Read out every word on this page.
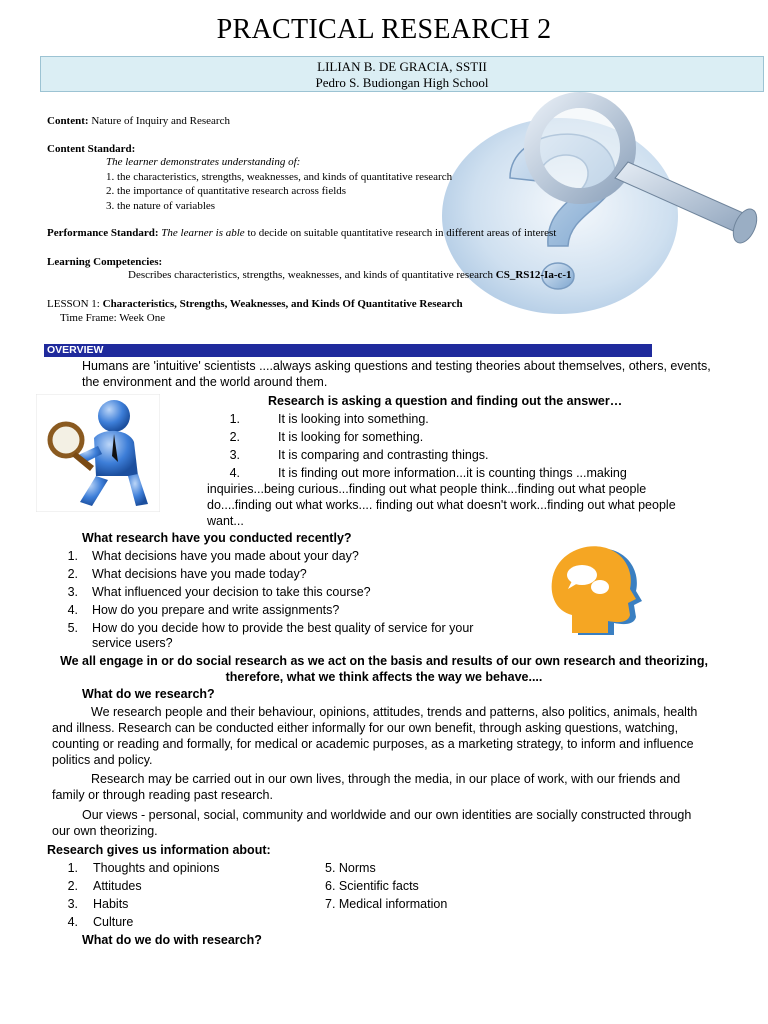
PRACTICAL RESEARCH 2
LILIAN B. DE GRACIA, SSTII
Pedro S. Budiongan High School
Content: Nature of Inquiry and Research
Content Standard:
The learner demonstrates understanding of:
1. the characteristics, strengths, weaknesses, and kinds of quantitative research
2. the importance of quantitative research across fields
3. the nature of variables
Performance Standard: The learner is able to decide on suitable quantitative research in different areas of interest
Learning Competencies:
Describes characteristics, strengths, weaknesses, and kinds of quantitative research CS_RS12-Ia-c-1
LESSON 1: Characteristics, Strengths, Weaknesses, and Kinds Of Quantitative Research
Time Frame: Week One
OVERVIEW
Humans are 'intuitive' scientists ....always asking questions and testing theories about themselves, others, events,
the environment and the world around them.
Research is asking a question and finding out the answer…
1.	It is looking into something.
2.	It is looking for something.
3.	It is comparing and contrasting things.
4.	It is finding out more information...it is counting things ...making
inquiries...being curious...finding out what people think...finding out what people
do....finding out what works.... finding out what doesn't work...finding out what people
want...
What research have you conducted recently?
1. What decisions have you made about your day?
2. What decisions have you made today?
3. What influenced your decision to take this course?
4. How do you prepare and write assignments?
5. How do you decide how to provide the best quality of service for your
service users?
We all engage in or do social research as we act on the basis and results of our own research and theorizing,
therefore, what we think affects the way we behave....
What do we research?
We research people and their behaviour, opinions, attitudes, trends and patterns, also politics, animals, health
and illness. Research can be conducted either informally for our own benefit, through asking questions, watching,
counting or reading and formally, for medical or academic purposes, as a marketing strategy, to inform and influence
politics and policy.
Research may be carried out in our own lives, through the media, in our place of work, with our friends and
family or through reading past research.
Our views - personal, social, community and worldwide and our own identities are socially constructed through
our own theorizing.
Research gives us information about:
1. Thoughts and opinions
2. Attitudes
3. Habits
4. Culture
5. Norms
6. Scientific facts
7. Medical information
What do we do with research?
